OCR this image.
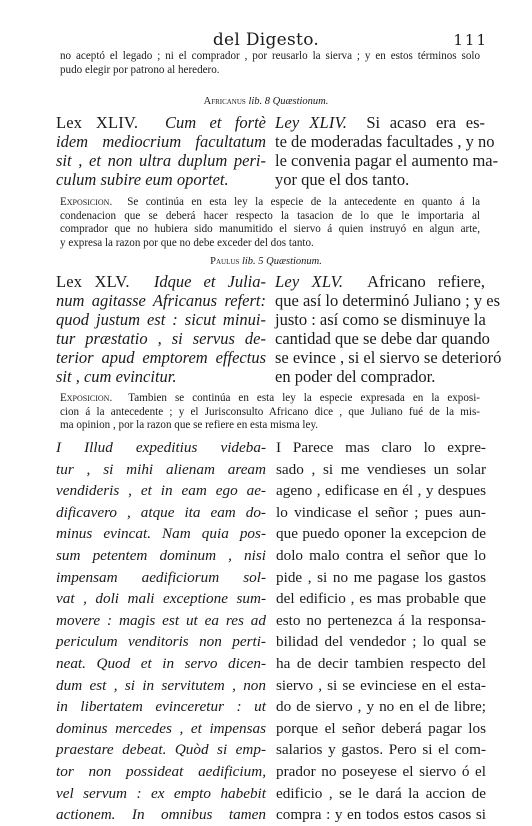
del Digesto.	111
no aceptó el legado ; ni el comprador , por reusarlo la sierva ; y en estos términos solo
pudo elegir por patrono al heredero.
Africanus lib. 8 Quæstionum.
Lex XLIV. Cum et fortè
idem mediocrium facultatum
sit , et non ultra duplum peri-
culum subire eum oportet.
Ley XLIV. Si acaso era es-
te de moderadas facultades , y no
le convenia pagar el aumento ma-
yor que el dos tanto.
Exposicion. Se continúa en esta ley la especie de la antecedente en quanto á la
condenacion que se deberá hacer respecto la tasacion de lo que le importaria al
comprador que no hubiera sido manumitido el siervo á quien instruyó en algun arte,
y expresa la razon por que no debe exceder del dos tanto.
Paulus lib. 5 Quæstionum.
Lex XLV. Idque et Julia-
num agitasse Africanus refert:
quod justum est : sicut minui-
tur præstatio , si servus de-
terior apud emptorem effectus
sit , cum evincitur.
Ley XLV. Africano refiere,
que así lo determinó Juliano ; y es
justo : así como se disminuye la
cantidad que se debe dar quando
se evince , si el siervo se deterioró
en poder del comprador.
Exposicion. Tambien se continúa en esta ley la especie expresada en la exposi-
cion á la antecedente ; y el Jurisconsulto Africano dice , que Juliano fué de la mis-
ma opinion , por la razon que se refiere en esta misma ley.
I Illud expeditius videba-
tur , si mihi alienam aream
vendideris , et in eam ego ae-
dificavero , atque ita eam do-
minus evincat. Nam quia pos-
sum petentem dominum , nisi
impensam aedificiorum sol-
vat , doli mali exceptione sum-
movere : magis est ut ea res ad
periculum venditoris non perti-
neat. Quod et in servo dicen-
dum est , si in servitutem , non
in libertatem evinceretur : ut
dominus mercedes , et impensas
praestare debeat. Quòd si emp-
tor non possideat aedificium,
vel servum : ex empto habebit
actionem. In omnibus tamen
I Parece mas claro lo expre-
sado , si me vendieses un solar
ageno , edificase en él , y despues
lo vindicase el señor ; pues aun-
que puedo oponer la excepcion de
dolo malo contra el señor que lo
pide , si no me pagase los gastos
del edificio , es mas probable que
esto no pertenezca á la responsa-
bilidad del vendedor ; lo qual se
ha de decir tambien respecto del
siervo , si se evinciese en el esta-
do de siervo , y no en el de libre;
porque el señor deberá pagar los
salarios y gastos. Pero si el com-
prador no poseyese el siervo ó el
edificio , se le dará la accion de
compra : y en todos estos casos si
